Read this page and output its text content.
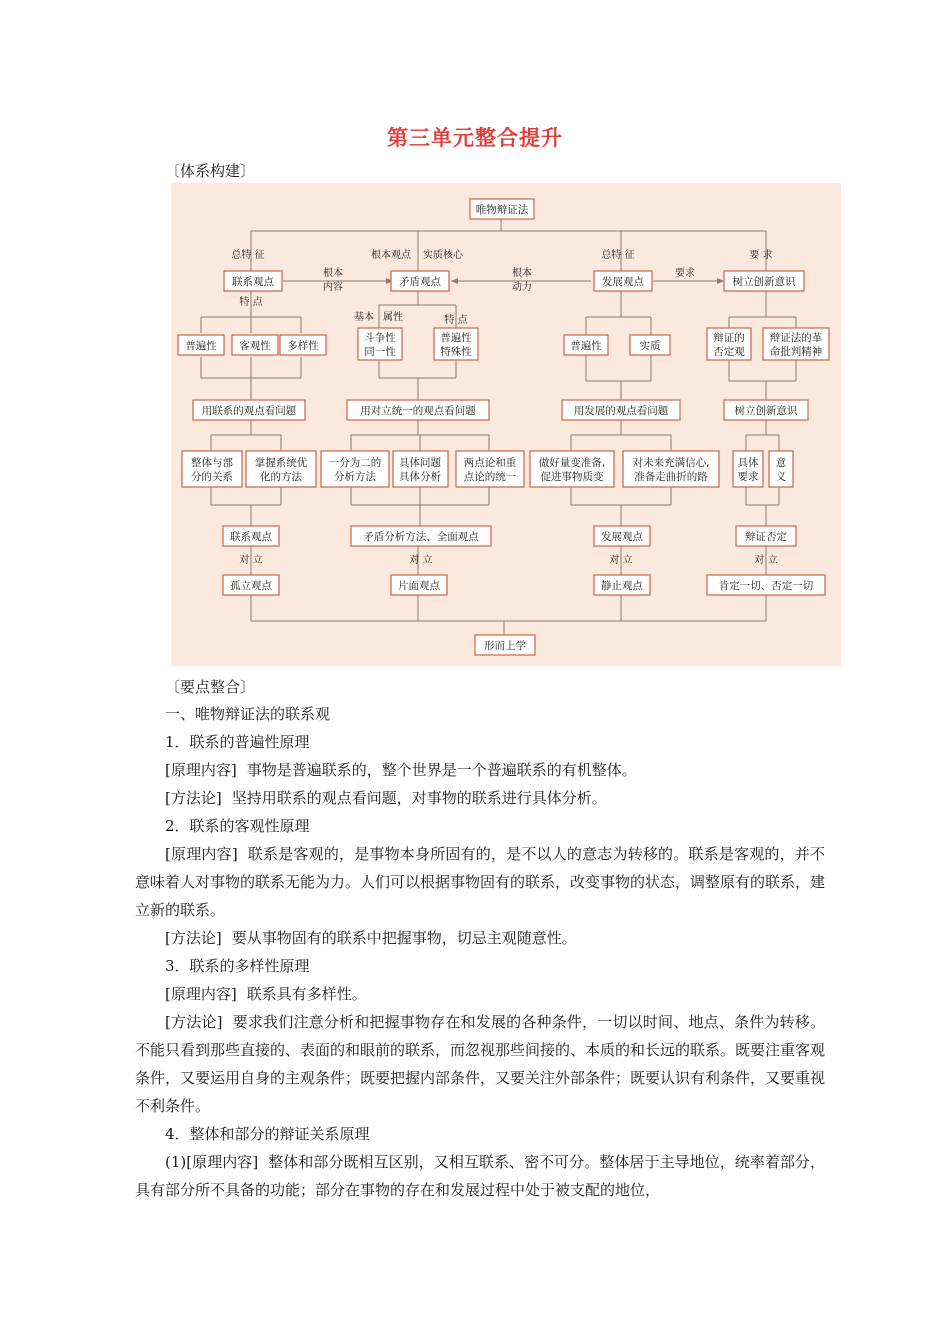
第三单元整合提升
〔体系构建〕
唯物辩证法
联系观点	矛盾观点	发展观点	树立创新意识
普遍性 客观性 多样性
斗争性
同一性
普遍性
特殊性	普遍性	实质
辩证的
否定观
辩证法的革
命批判精神
用联系的观点看问题	用对立统一的观点看问题	用发展的观点看问题	树立创新意识
整体与部
分的关系
掌握系统优
化的方法
一分为二的
分析方法
具体问题
具体分析
两点论和重
点论的统一
做好量变准备,
促进事物质变
对未来充满信心,
准备走曲折的路
具体
要求
意
义
联系观点	矛盾分析方法、全面观点	发展观点	辩证否定
孤立观点	片面观点	静止观点	肯定一切、否定一切
形而上学
总特 征	根本观点 实质核心	总特 征	要 求
根本
内容
根本
动力
要求
特 点
基本 属性	特 点
对 立	对 立	对 立	对 立
〔要点整合〕

一、唯物辩证法的联系观

1．联系的普遍性原理

[原理内容] 事物是普遍联系的，整个世界是一个普遍联系的有机整体。

[方法论] 坚持用联系的观点看问题，对事物的联系进行具体分析。

2．联系的客观性原理

[原理内容] 联系是客观的，是事物本身所固有的，是不以人的意志为转移的。联系是客观的，并不意味着人对事物的联系无能为力。人们可以根据事物固有的联系，改变事物的状态，调整原有的联系，建立新的联系。

[方法论] 要从事物固有的联系中把握事物，切忌主观随意性。

3．联系的多样性原理

[原理内容] 联系具有多样性。

[方法论] 要求我们注意分析和把握事物存在和发展的各种条件，一切以时间、地点、条件为转移。不能只看到那些直接的、表面的和眼前的联系，而忽视那些间接的、本质的和长远的联系。既要注重客观条件，又要运用自身的主观条件；既要把握内部条件，又要关注外部条件；既要认识有利条件，又要重视不利条件。

4．整体和部分的辩证关系原理

(1)[原理内容] 整体和部分既相互区别，又相互联系、密不可分。整体居于主导地位，统率着部分，具有部分所不具备的功能；部分在事物的存在和发展过程中处于被支配的地位，
